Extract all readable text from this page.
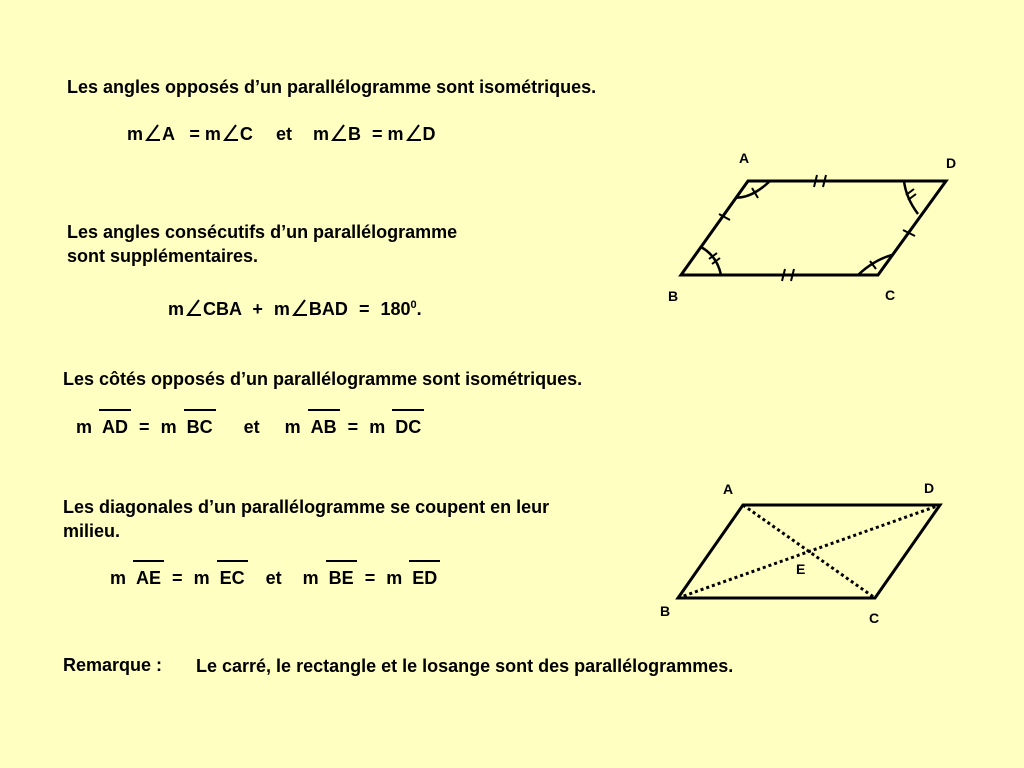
Les angles opposés d’un parallélogramme sont isométriques.
m A = m C et m B = m D
Les angles consécutifs d’un parallélogramme
sont supplémentaires.
m CBA + m BAD = $180^0$.
Les côtés opposés d’un parallélogramme sont isométriques.
m AD = m BC et m AB = m DC
Les diagonales d’un parallélogramme se coupent en leur
milieu.
m AE = m EC et m BE = m ED
Remarque : Le carré, le rectangle et le losange sont des parallélogrammes.
A	D
B	C
A	D
B	C
E
